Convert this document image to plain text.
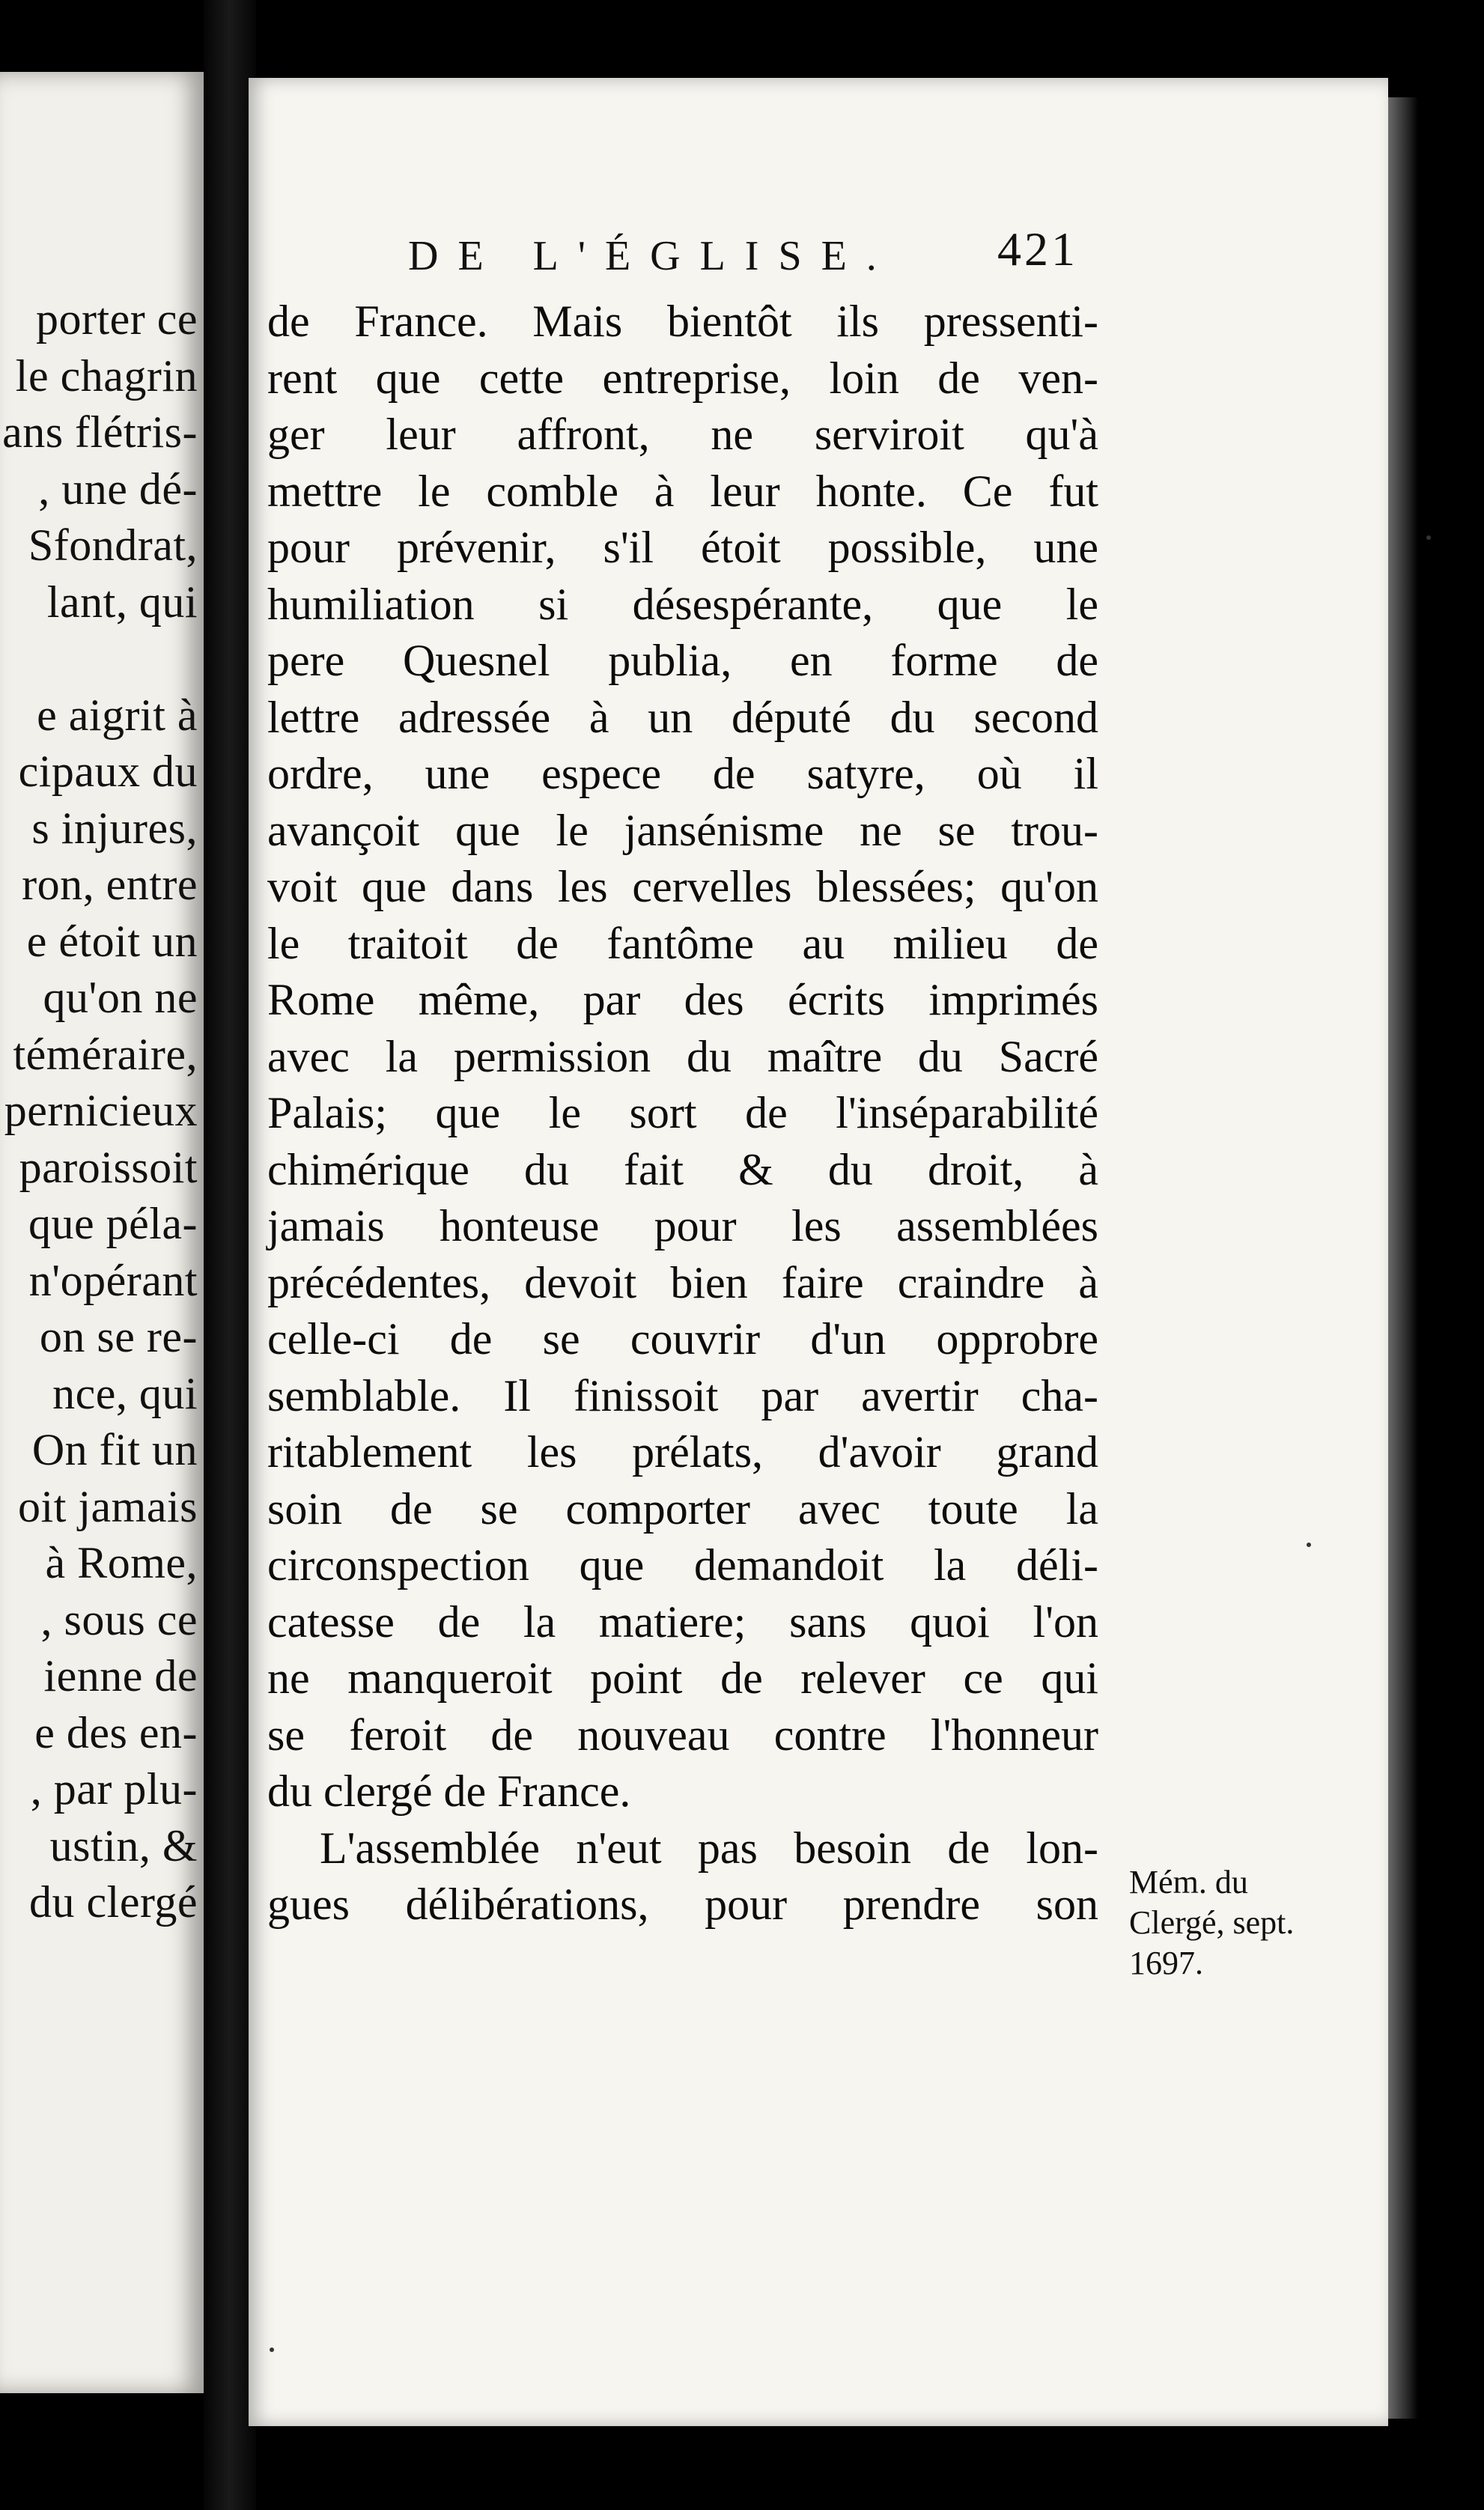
porter ce
le chagrin
ans flétris-
, une dé-
Sfondrat,
lant, qui
e aigrit à
cipaux du
s injures,
ron, entre
e étoit un
qu'on ne
téméraire,
pernicieux
paroissoit
que péla-
n'opérant
on se re-
nce, qui
On fit un
oit jamais
à Rome,
, sous ce
ienne de
e des en-
, par plu-
ustin, &
du clergé
DE L'ÉGLISE.	421
de France. Mais bientôt ils pressenti-
rent que cette entreprise, loin de ven-
ger leur affront, ne serviroit qu'à
mettre le comble à leur honte. Ce fut
pour prévenir, s'il étoit possible, une
humiliation si désespérante, que le
pere Quesnel publia, en forme de
lettre adressée à un député du second
ordre, une espece de satyre, où il
avançoit que le jansénisme ne se trou-
voit que dans les cervelles blessées; qu'on
le traitoit de fantôme au milieu de
Rome même, par des écrits imprimés
avec la permission du maître du Sacré
Palais; que le sort de l'inséparabilité
chimérique du fait & du droit, à
jamais honteuse pour les assemblées
précédentes, devoit bien faire craindre à
celle-ci de se couvrir d'un opprobre
semblable. Il finissoit par avertir cha-
ritablement les prélats, d'avoir grand
soin de se comporter avec toute la
circonspection que demandoit la déli-
catesse de la matiere; sans quoi l'on
ne manqueroit point de relever ce qui
se feroit de nouveau contre l'honneur
du clergé de France.
L'assemblée n'eut pas besoin de lon-
gues délibérations, pour prendre son Mém. du
Clergé, sept.
1697.
